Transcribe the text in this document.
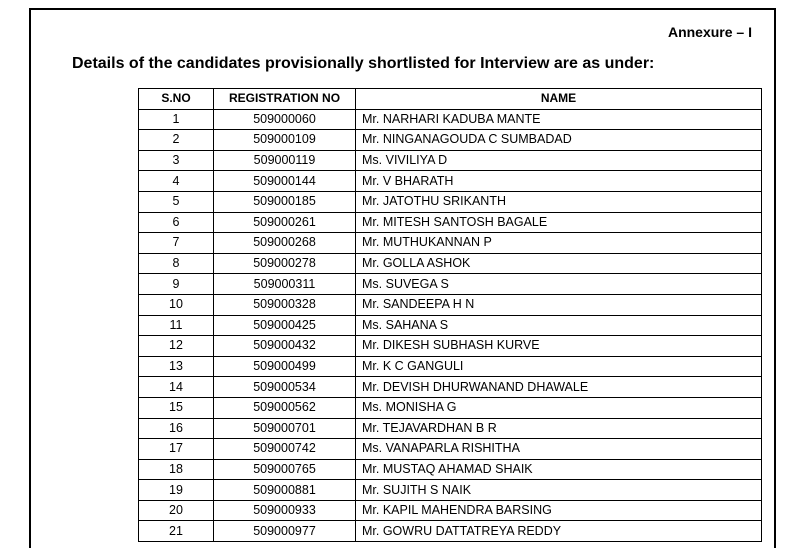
Annexure – I
Details of the candidates provisionally shortlisted for Interview are as under:
S.NO	REGISTRATION NO	NAME
1	509000060	Mr. NARHARI KADUBA MANTE
2	509000109	Mr. NINGANAGOUDA C SUMBADAD
3	509000119	Ms. VIVILIYA D
4	509000144	Mr. V BHARATH
5	509000185	Mr. JATOTHU SRIKANTH
6	509000261	Mr. MITESH SANTOSH BAGALE
7	509000268	Mr. MUTHUKANNAN P
8	509000278	Mr. GOLLA ASHOK
9	509000311	Ms. SUVEGA S
10	509000328	Mr. SANDEEPA H N
11	509000425	Ms. SAHANA S
12	509000432	Mr. DIKESH SUBHASH KURVE
13	509000499	Mr. K C GANGULI
14	509000534	Mr. DEVISH DHURWANAND DHAWALE
15	509000562	Ms. MONISHA G
16	509000701	Mr. TEJAVARDHAN B R
17	509000742	Ms. VANAPARLA RISHITHA
18	509000765	Mr. MUSTAQ AHAMAD SHAIK
19	509000881	Mr. SUJITH S NAIK
20	509000933	Mr. KAPIL MAHENDRA BARSING
21	509000977	Mr. GOWRU DATTATREYA REDDY
